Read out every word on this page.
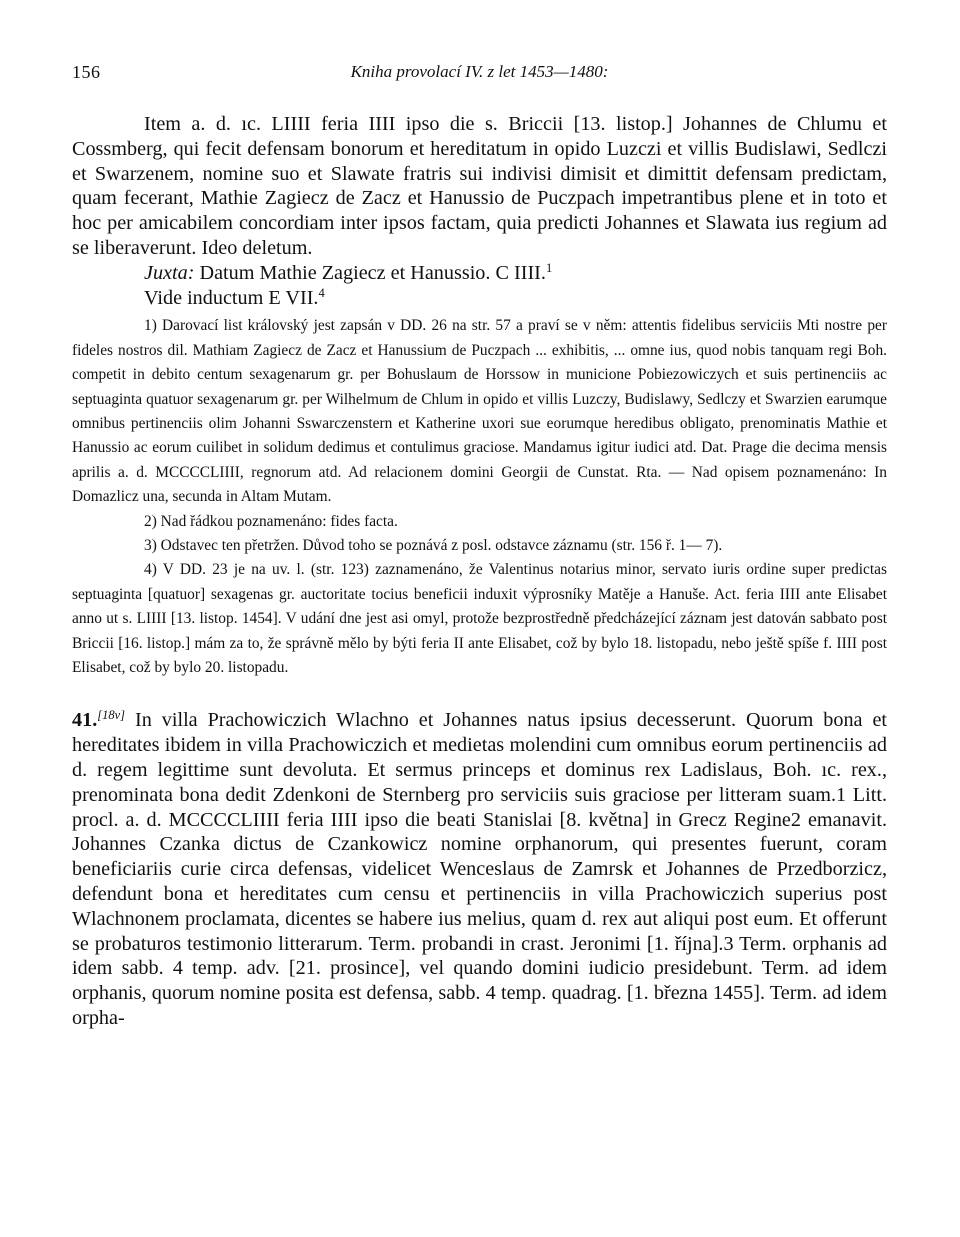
156	Kniha provolací IV. z let 1453—1480:

Item a. d. ıc. LIIII feria IIII ipso die s. Briccii [13. listop.] Johannes de Chlumu et Cossmberg, qui fecit defensam bonorum et hereditatum in opido Luzczi et villis Budislawi, Sedlczi et Swarzenem, nomine suo et Slawate fratris sui indivisi dimisit et dimittit defensam predictam, quam fecerant, Mathie Zagiecz de Zacz et Hanussio de Puczpach impetrantibus plene et in toto et hoc per amicabilem concordiam inter ipsos factam, quia predicti Johannes et Slawata ius regium ad se liberaverunt. Ideo deletum.

Juxta: Datum Mathie Zagiecz et Hanussio. C IIII.$^1$

Vide inductum E VII.$^4$

1) Darovací list královský jest zapsán v DD. 26 na str. 57 a praví se v něm: attentis fidelibus serviciis Mti nostre per fideles nostros dil. Mathiam Zagiecz de Zacz et Hanussium de Puczpach ... exhibitis, ... omne ius, quod nobis tanquam regi Boh. competit in debito centum sexagenarum gr. per Bohuslaum de Horssow in municione Pobiezowiczych et suis pertinenciis ac septuaginta quatuor sexagenarum gr. per Wilhelmum de Chlum in opido et villis Luzczy, Budislawy, Sedlczy et Swarzien earumque omnibus pertinenciis olim Johanni Sswarczenstern et Katherine uxori sue eorumque heredibus obligato, prenominatis Mathie et Hanussio ac eorum cuilibet in solidum dedimus et contulimus graciose. Mandamus igitur iudici atd. Dat. Prage die decima mensis aprilis a. d. MCCCCLIIII, regnorum atd. Ad relacionem domini Georgii de Cunstat. Rta. — Nad opisem poznamenáno: In Domazlicz una, secunda in Altam Mutam.

2) Nad řádkou poznamenáno: fides facta.

3) Odstavec ten přetržen. Důvod toho se poznává z posl. odstavce záznamu (str. 156 ř. 1— 7).

4) V DD. 23 je na uv. l. (str. 123) zaznamenáno, že Valentinus notarius minor, servato iuris ordine super predictas septuaginta [quatuor] sexagenas gr. auctoritate tocius beneficii induxit výprosníky Matěje a Hanuše. Act. feria IIII ante Elisabet anno ut s. LIIII [13. listop. 1454]. V udání dne jest asi omyl, protože bezprostředně předcházející záznam jest datován sabbato post Briccii [16. listop.] mám za to, že správně mělo by býti feria II ante Elisabet, což by bylo 18. listopadu, nebo ještě spíše f. IIII post Elisabet, což by bylo 20. listopadu.

41.[18v] In villa Prachowiczich Wlachno et Johannes natus ipsius decesserunt. Quorum bona et hereditates ibidem in villa Prachowiczich et medietas molendini cum omnibus eorum pertinenciis ad d. regem legittime sunt devoluta. Et sermus princeps et dominus rex Ladislaus, Boh. ıc. rex., prenominata bona dedit Zdenkoni de Sternberg pro serviciis suis graciose per litteram suam.1 Litt. procl. a. d. MCCCCLIIII feria IIII ipso die beati Stanislai [8. května] in Grecz Regine2 emanavit. Johannes Czanka dictus de Czankowicz nomine orphanorum, qui presentes fuerunt, coram beneficiariis curie circa defensas, videlicet Wenceslaus de Zamrsk et Johannes de Przedborzicz, defendunt bona et hereditates cum censu et pertinenciis in villa Prachowiczich superius post Wlachnonem proclamata, dicentes se habere ius melius, quam d. rex aut aliqui post eum. Et offerunt se probaturos testimonio litterarum. Term. probandi in crast. Jeronimi [1. října].3 Term. orphanis ad idem sabb. 4 temp. adv. [21. prosince], vel quando domini iudicio presidebunt. Term. ad idem orphanis, quorum nomine posita est defensa, sabb. 4 temp. quadrag. [1. března 1455]. Term. ad idem orpha-
